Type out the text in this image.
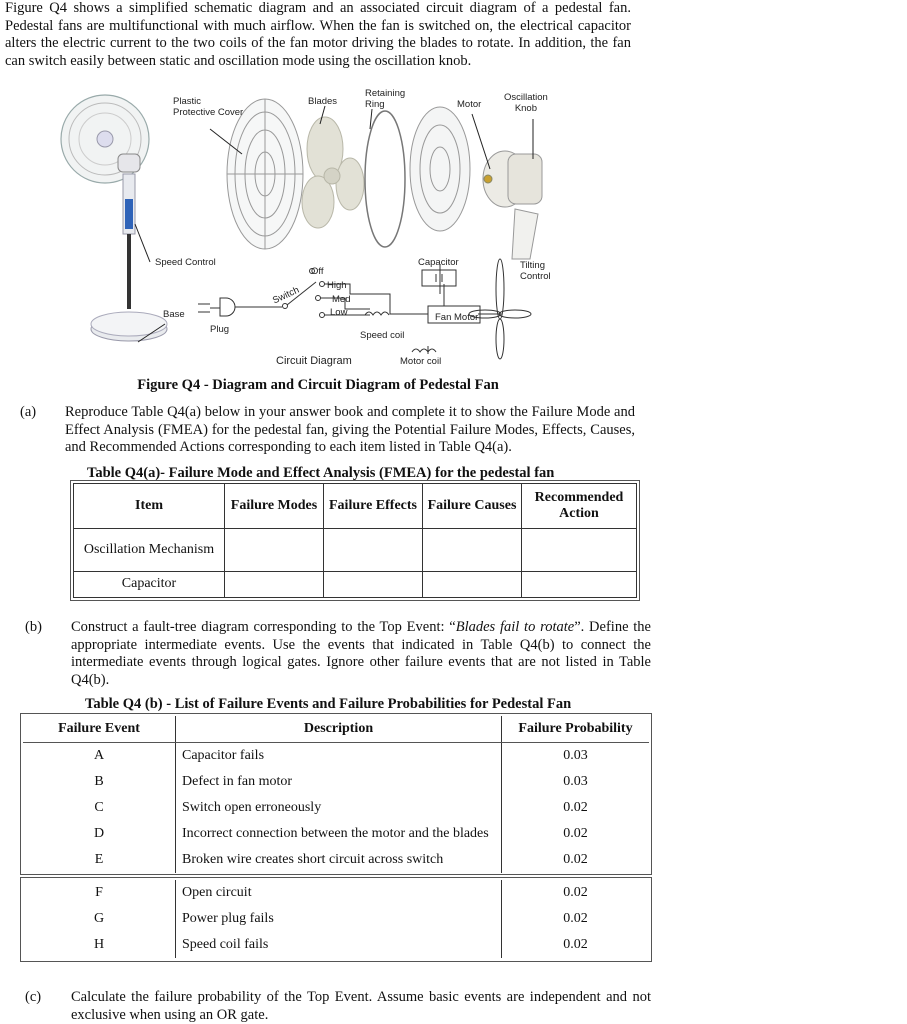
Figure Q4 shows a simplified schematic diagram and an associated circuit diagram of a pedestal fan. Pedestal fans are multifunctional with much airflow. When the fan is switched on, the electrical capacitor alters the electric current to the two coils of the fan motor driving the blades to rotate. In addition, the fan can switch easily between static and oscillation mode using the oscillation knob.
Plastic
Protective Cover
Blades
Retaining
Ring	Motor
Oscillation
Knob
Speed Control	Capacitor	Tilting
Control
Off
High
Med
Low
Switch
Base
Plug
Fan Motor
Speed coil
Circuit Diagram	Motor coil
Figure Q4 - Diagram and Circuit Diagram of Pedestal Fan
(a) Reproduce Table Q4(a) below in your answer book and complete it to show the Failure Mode and Effect Analysis (FMEA) for the pedestal fan, giving the Potential Failure Modes, Effects, Causes, and Recommended Actions corresponding to each item listed in Table Q4(a).
Table Q4(a)- Failure Mode and Effect Analysis (FMEA) for the pedestal fan
Item	Failure Modes	Failure Effects	Failure Causes	Recommended Action
Oscillation Mechanism				
Capacitor				
(b) Construct a fault-tree diagram corresponding to the Top Event: “Blades fail to rotate”. Define the appropriate intermediate events. Use the events that indicated in Table Q4(b) to connect the intermediate events through logical gates. Ignore other failure events that are not listed in Table Q4(b).
Table Q4 (b) - List of Failure Events and Failure Probabilities for Pedestal Fan
Failure Event	Description	Failure Probability
A	Capacitor fails	0.03
B	Defect in fan motor	0.03
C	Switch open erroneously	0.02
D	Incorrect connection between the motor and the blades	0.02
E	Broken wire creates short circuit across switch	0.02
F	Open circuit	0.02
G	Power plug fails	0.02
H	Speed coil fails	0.02
(c) Calculate the failure probability of the Top Event. Assume basic events are independent and not exclusive when using an OR gate.
